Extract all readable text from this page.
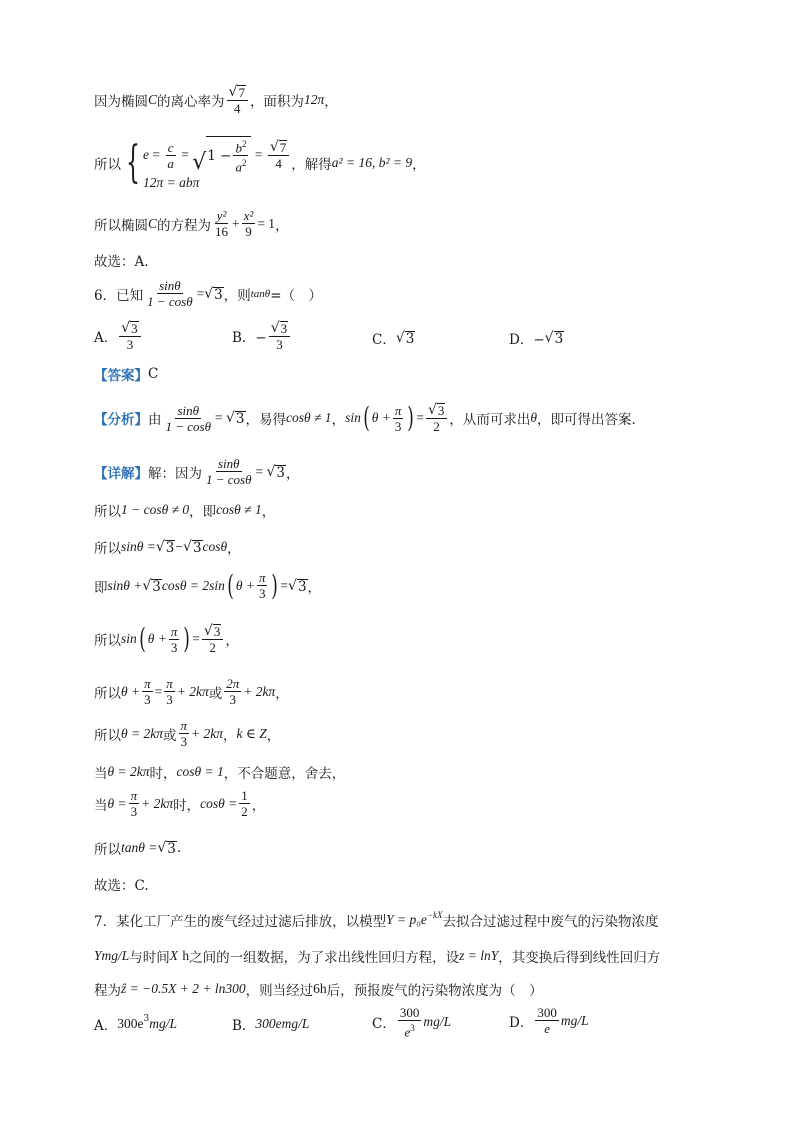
因为椭圆 C 的离心率为 $\frac{√ 7}{4}$ ，面积为 12π ，
所以 { $e = \frac{c}{a}$ = √ $1 - \frac{b^2}{a^2} = \frac{√ 7}{4}$
12π = abπ
，解得 a² = 16, b² = 9 ，
所以椭圆 C 的方程为 $\frac{\text{y²}}{16} + \frac{\text{x²}}{9} = 1$ ，
故选：A.
6．已知 $\frac{\sin\theta}{1 - \cos\theta}$ = √ 3 ，则 tanθ =（　）
A． $\frac{√ 3}{3}$	B．− $\frac{√ 3}{3}$	C． √ 3	D．− √ 3
【答案】 C
【分析】 由 $\frac{\sin\theta}{1 - \cos\theta}$ = √ 3 ，易得 cosθ ≠ 1 ， sin ( $\theta + \frac{\pi}{3}$ ) = $\frac{√ 3}{2}$ ，从而可求出 θ ，即可得出答案.
【详解】 解：因为 $\frac{\sin\theta}{1 - \cos\theta}$ = √ 3 ，
所以 1 − cosθ ≠ 0 ，即 cosθ ≠ 1 ，
所以 sinθ = √ 3 − √ 3 cosθ ，
即 sinθ + √ 3 cosθ = 2sin ( $\theta + \frac{\pi}{3}$ ) = √ 3 ，
所以 sin ( $\theta + \frac{\pi}{3}$ ) = $\frac{√ 3}{2}$ ，
所以 $\theta + \frac{\pi}{3} = \frac{\pi}{3} + 2k\pi$ 或 $\frac{2\pi}{3} + 2k\pi$ ，
所以 θ = 2kπ 或 $\frac{\pi}{3} + 2k\pi$ ， k ∈ Z ，
当 θ = 2kπ 时， cosθ = 1 ，不合题意，舍去，
当 $\theta = \frac{\pi}{3} + 2k\pi$ 时， $\cos\theta = \frac{1}{2}$ ，
所以 tanθ = √ 3 .
故选：C.
7．某化工厂产生的废气经过过滤后排放，以模型 $Y = p_0e^{-kX}$ 去拟合过滤过程中废气的污染物浓度
Ymg/L 与时间 X
h 之间的一组数据，为了求出线性回归方程，设 z = lnY ，其变换后得到线性回归方
程为 ẑ = −0.5X + 2 + ln300 ，则当经过 6h 后，预报废气的污染物浓度为（　）
A． $300e^3$ mg/L	B． 300emg/L	C． $\frac{300}{e^3} mg/L$	D． $\frac{300}{e} mg/L$
